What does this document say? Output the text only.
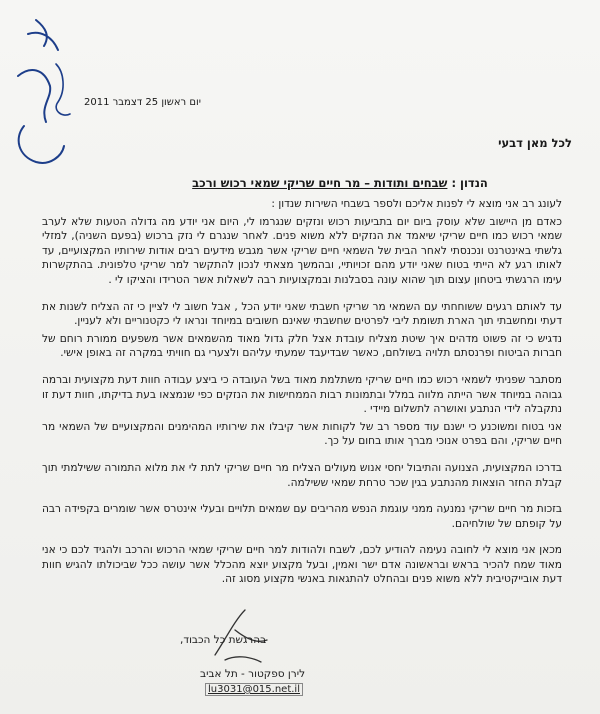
יום ראשון 25 דצמבר 2011
לכל מאן דבעי
הנדון : שבחים ותודות – מר חיים שריקי שמאי רכוש ורכב

לעונג רב אני מוצא לי לפנות אליכם ולספר בשבחי השירות שנדון :

כאדם מן היישוב שלא עוסק ביום יום בתביעות רכוש ונזקים שנגרמו לי, היום אני יודע מה גדולה הטעות שלא לערב שמאי רכוש כמו חיים שריקי שיאמד את הנזקים ללא משוא פנים. לאחר שנגרם לי נזק ברכוש (בפעם השניה), למזלי גלשתי באינטרנט ונכנסתי לאחר הבית של השמאי חיים שריקי אשר מגבש מידעים רבים אודות שירותיו המקצועיים, עד לאותו רגע לא הייתי בטוח שאני יודע מהם זכויותיי, ובהמשך מצאתי לנכון להתקשר למר שריקי טלפונית. בהתקשרות עימו הרגשתי ביטחון עצום תוך שהוא עונה בסבלנות ובמקצועיות רבה לשאלות אשר הטרידו והציקו לי .

עד לאותם רגעים ששוחחתי עם השמאי מר שריקי חשבתי שאני יודע הכל , אבל חשוב לי לציין כי זה הצליח לשנות את דעתי ומחשבתי תוך הארת תשומת ליבי לפרטים שחשבתי שאינם חשובים במיוחד ונראו לי כקטנוריים ולא לעניין.

נדגיש כי זה פשוט מדהים איך שיטת מצליח עובדת אצל חלק גדול מאוד מהשמאים אשר משפעים ממורת רוחם של חברות הביטוח ופרנסתם תלויה בשולחם, כאשר שבדיעבד שמעתי עליהם ולצערי גם חוויתי במקרה זה באופן אישי.

מסתבר שפניתי לשמאי רכוש כמו חיים שריקי משתלמת מאוד בשל העובדה כי ביצע עבודה חוות דעת מקצועית וברמה גבוהה במיוחד אשר הייתה מלווה במלל ובתמונות רבות הממחישות את הנזקים כפי שנמצאו בעת בדיקתו, חוות דעת זו נתקבלה לידי הנתבע ואושרה לתשלום מיידי .

אני בטוח ומשוכנע כי ישנם עוד מספר רב של לקוחות אשר קיבלו את שירותיו המהימנים והמקצועיים של השמאי מר חיים שריקי, והם בפרט אנוכי מברך אותו בחום על כך.

בדרכו המקצועית, הצנועה והתיבול יחסי אנוש מעולים הצליח מר חיים שריקי לתת לי את מלוא התמורה ששילמתי תוך קבלת החזר הוצאות מהנתבע בגין שכר טרחת שמאי ששילמה.

בזכות מר חיים שריקי נמנעה ממני עוגמת הנפש מהריבים עם שמאים תלויים ובעלי אינטרס אשר שומרים בקפידה רבה על קופתם של שולחיהם.

מכאן אני מוצא לי לחובה נעימה להודיע לכם, לשבח ולהודות למר חיים שריקי שמאי הרכוש והרכב ולהגיד לכם כי אני מאוד שמח להכיר בראש ובראשונה אדם ישר ואמין, ובעל מקצוע יוצא מהכלל אשר עושה ככל שביכולתו להגיש חוות דעת אובייקטיבית ללא משוא פנים ובהחלט להתגאות באנשי מקצוע מסוג זה.

בהרגשת כל הכבוד,
לירן ספקטור - תל אביב
lu3031@015.net.il
